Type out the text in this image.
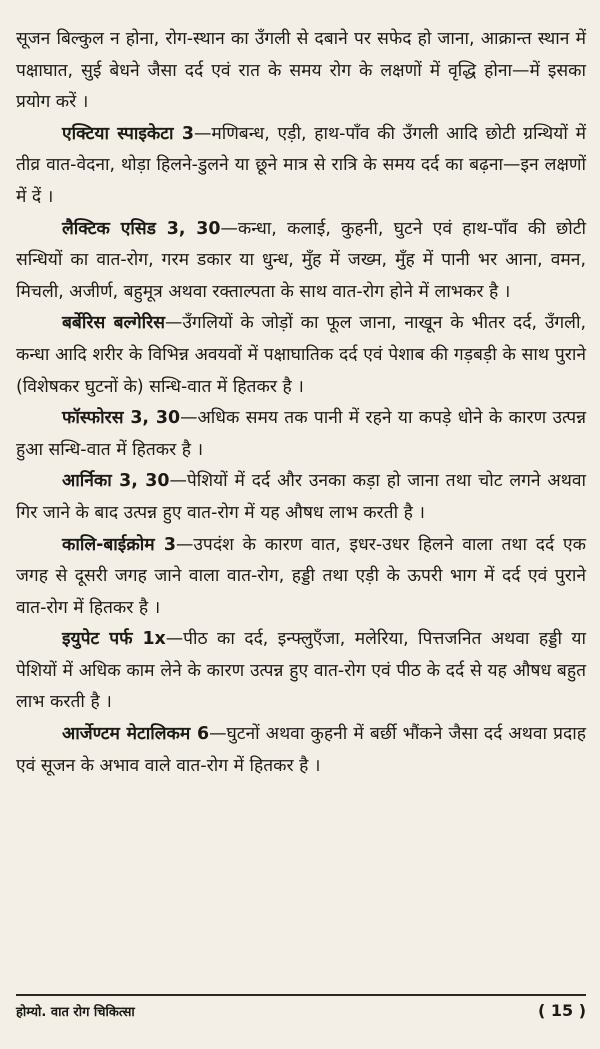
सूजन बिल्कुल न होना, रोग-स्थान का उँगली से दबाने पर सफेद हो जाना, आक्रान्त स्थान में पक्षाघात, सुई बेधने जैसा दर्द एवं रात के समय रोग के लक्षणों में वृद्धि होना—में इसका प्रयोग करें ।

एक्टिया स्पाइकेटा 3—मणिबन्ध, एड़ी, हाथ-पाँव की उँगली आदि छोटी ग्रन्थियों में तीव्र वात-वेदना, थोड़ा हिलने-डुलने या छूने मात्र से रात्रि के समय दर्द का बढ़ना—इन लक्षणों में दें ।

लैक्टिक एसिड 3, 30—कन्धा, कलाई, कुहनी, घुटने एवं हाथ-पाँव की छोटी सन्धियों का वात-रोग, गरम डकार या धुन्ध, मुँह में जख्म, मुँह में पानी भर आना, वमन, मिचली, अजीर्ण, बहुमूत्र अथवा रक्ताल्पता के साथ वात-रोग होने में लाभकर है ।

बर्बेरिस बल्गेरिस—उँगलियों के जोड़ों का फूल जाना, नाखून के भीतर दर्द, उँगली, कन्धा आदि शरीर के विभिन्न अवयवों में पक्षाघातिक दर्द एवं पेशाब की गड़बड़ी के साथ पुराने (विशेषकर घुटनों के) सन्धि-वात में हितकर है ।

फॉस्फोरस 3, 30—अधिक समय तक पानी में रहने या कपड़े धोने के कारण उत्पन्न हुआ सन्धि-वात में हितकर है ।

आर्निका 3, 30—पेशियों में दर्द और उनका कड़ा हो जाना तथा चोट लगने अथवा गिर जाने के बाद उत्पन्न हुए वात-रोग में यह औषध लाभ करती है ।

कालि-बाईक्रोम 3—उपदंश के कारण वात, इधर-उधर हिलने वाला तथा दर्द एक जगह से दूसरी जगह जाने वाला वात-रोग, हड्डी तथा एड़ी के ऊपरी भाग में दर्द एवं पुराने वात-रोग में हितकर है ।

इयुपेट पर्फ 1x—पीठ का दर्द, इन्फ्लुएँजा, मलेरिया, पित्तजनित अथवा हड्डी या पेशियों में अधिक काम लेने के कारण उत्पन्न हुए वात-रोग एवं पीठ के दर्द से यह औषध बहुत लाभ करती है ।

आर्जेण्टम मेटालिकम 6—घुटनों अथवा कुहनी में बर्छी भौंकने जैसा दर्द अथवा प्रदाह एवं सूजन के अभाव वाले वात-रोग में हितकर है ।

होम्यो. वात रोग चिकित्सा	( 15 )
